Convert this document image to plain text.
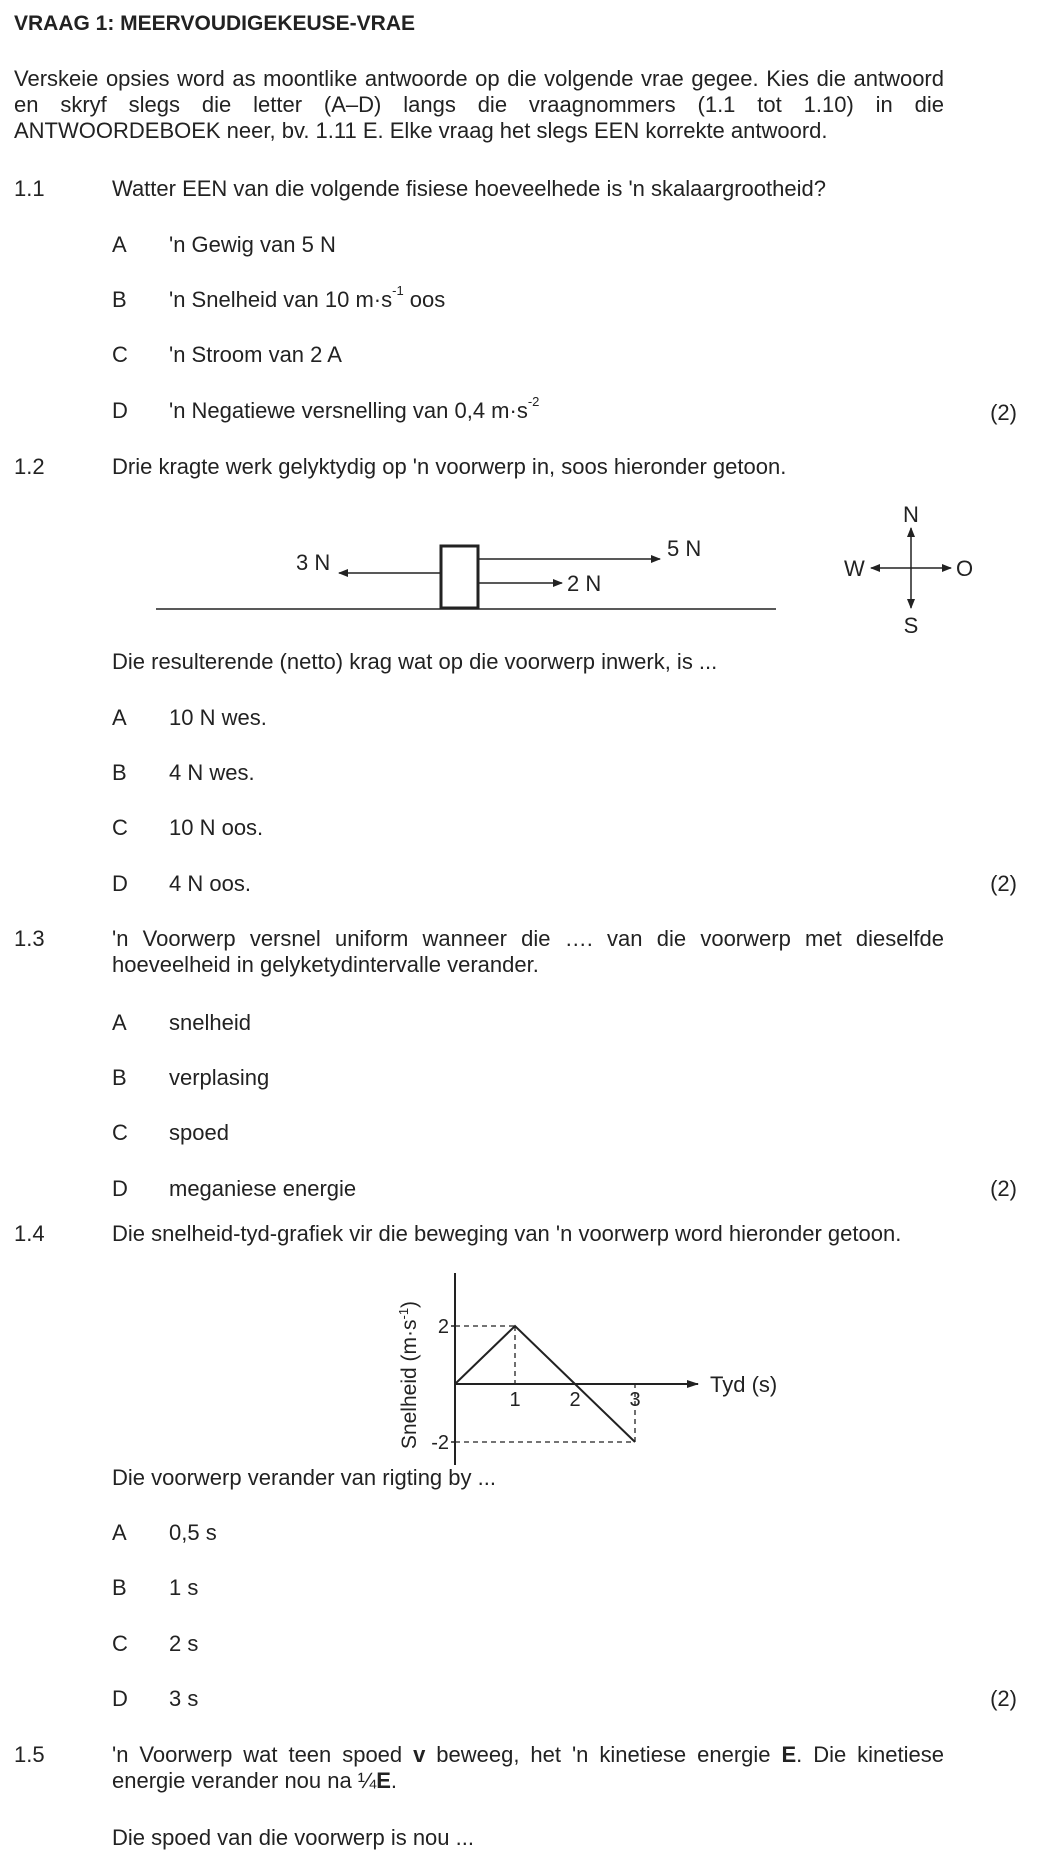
VRAAG 1: MEERVOUDIGEKEUSE-VRAE
Verskeie opsies word as moontlike antwoorde op die volgende vrae gegee. Kies die antwoord en skryf slegs die letter (A–D) langs die vraagnommers (1.1 tot 1.10) in die ANTWOORDEBOEK neer, bv. 1.11 E. Elke vraag het slegs EEN korrekte antwoord.
1.1	Watter EEN van die volgende fisiese hoeveelhede is 'n skalaargrootheid?
A 'n Gewig van 5 N
B 'n Snelheid van 10 $m\cdot s^{-1}$ oos
C 'n Stroom van 2 A
D 'n Negatiewe versnelling van 0,4 $m\cdot s^{-2}$	(2)
1.2	Drie kragte werk gelyktydig op 'n voorwerp in, soos hieronder getoon.
3 N
5 N
2 N
N
S
W	O
Die resulterende (netto) krag wat op die voorwerp inwerk, is ...
A 10 N wes.
B 4 N wes.
C 10 N oos.
D 4 N oos.	(2)
1.3	'n Voorwerp versnel uniform wanneer die …. van die voorwerp met dieselfde hoeveelheid in gelyketydintervalle verander.
A snelheid
B verplasing
C spoed
D meganiese energie	(2)
1.4	Die snelheid-tyd-grafiek vir die beweging van 'n voorwerp word hieronder getoon.
Snelheid $(m\cdot s^{-1})$
Tyd (s)
1 2 3
2
-2
Die voorwerp verander van rigting by ...
A 0,5 s
B 1 s
C 2 s
D 3 s	(2)
1.5	'n Voorwerp wat teen spoed v beweeg, het 'n kinetiese energie E. Die kinetiese energie verander nou na ¼E.
Die spoed van die voorwerp is nou ...
